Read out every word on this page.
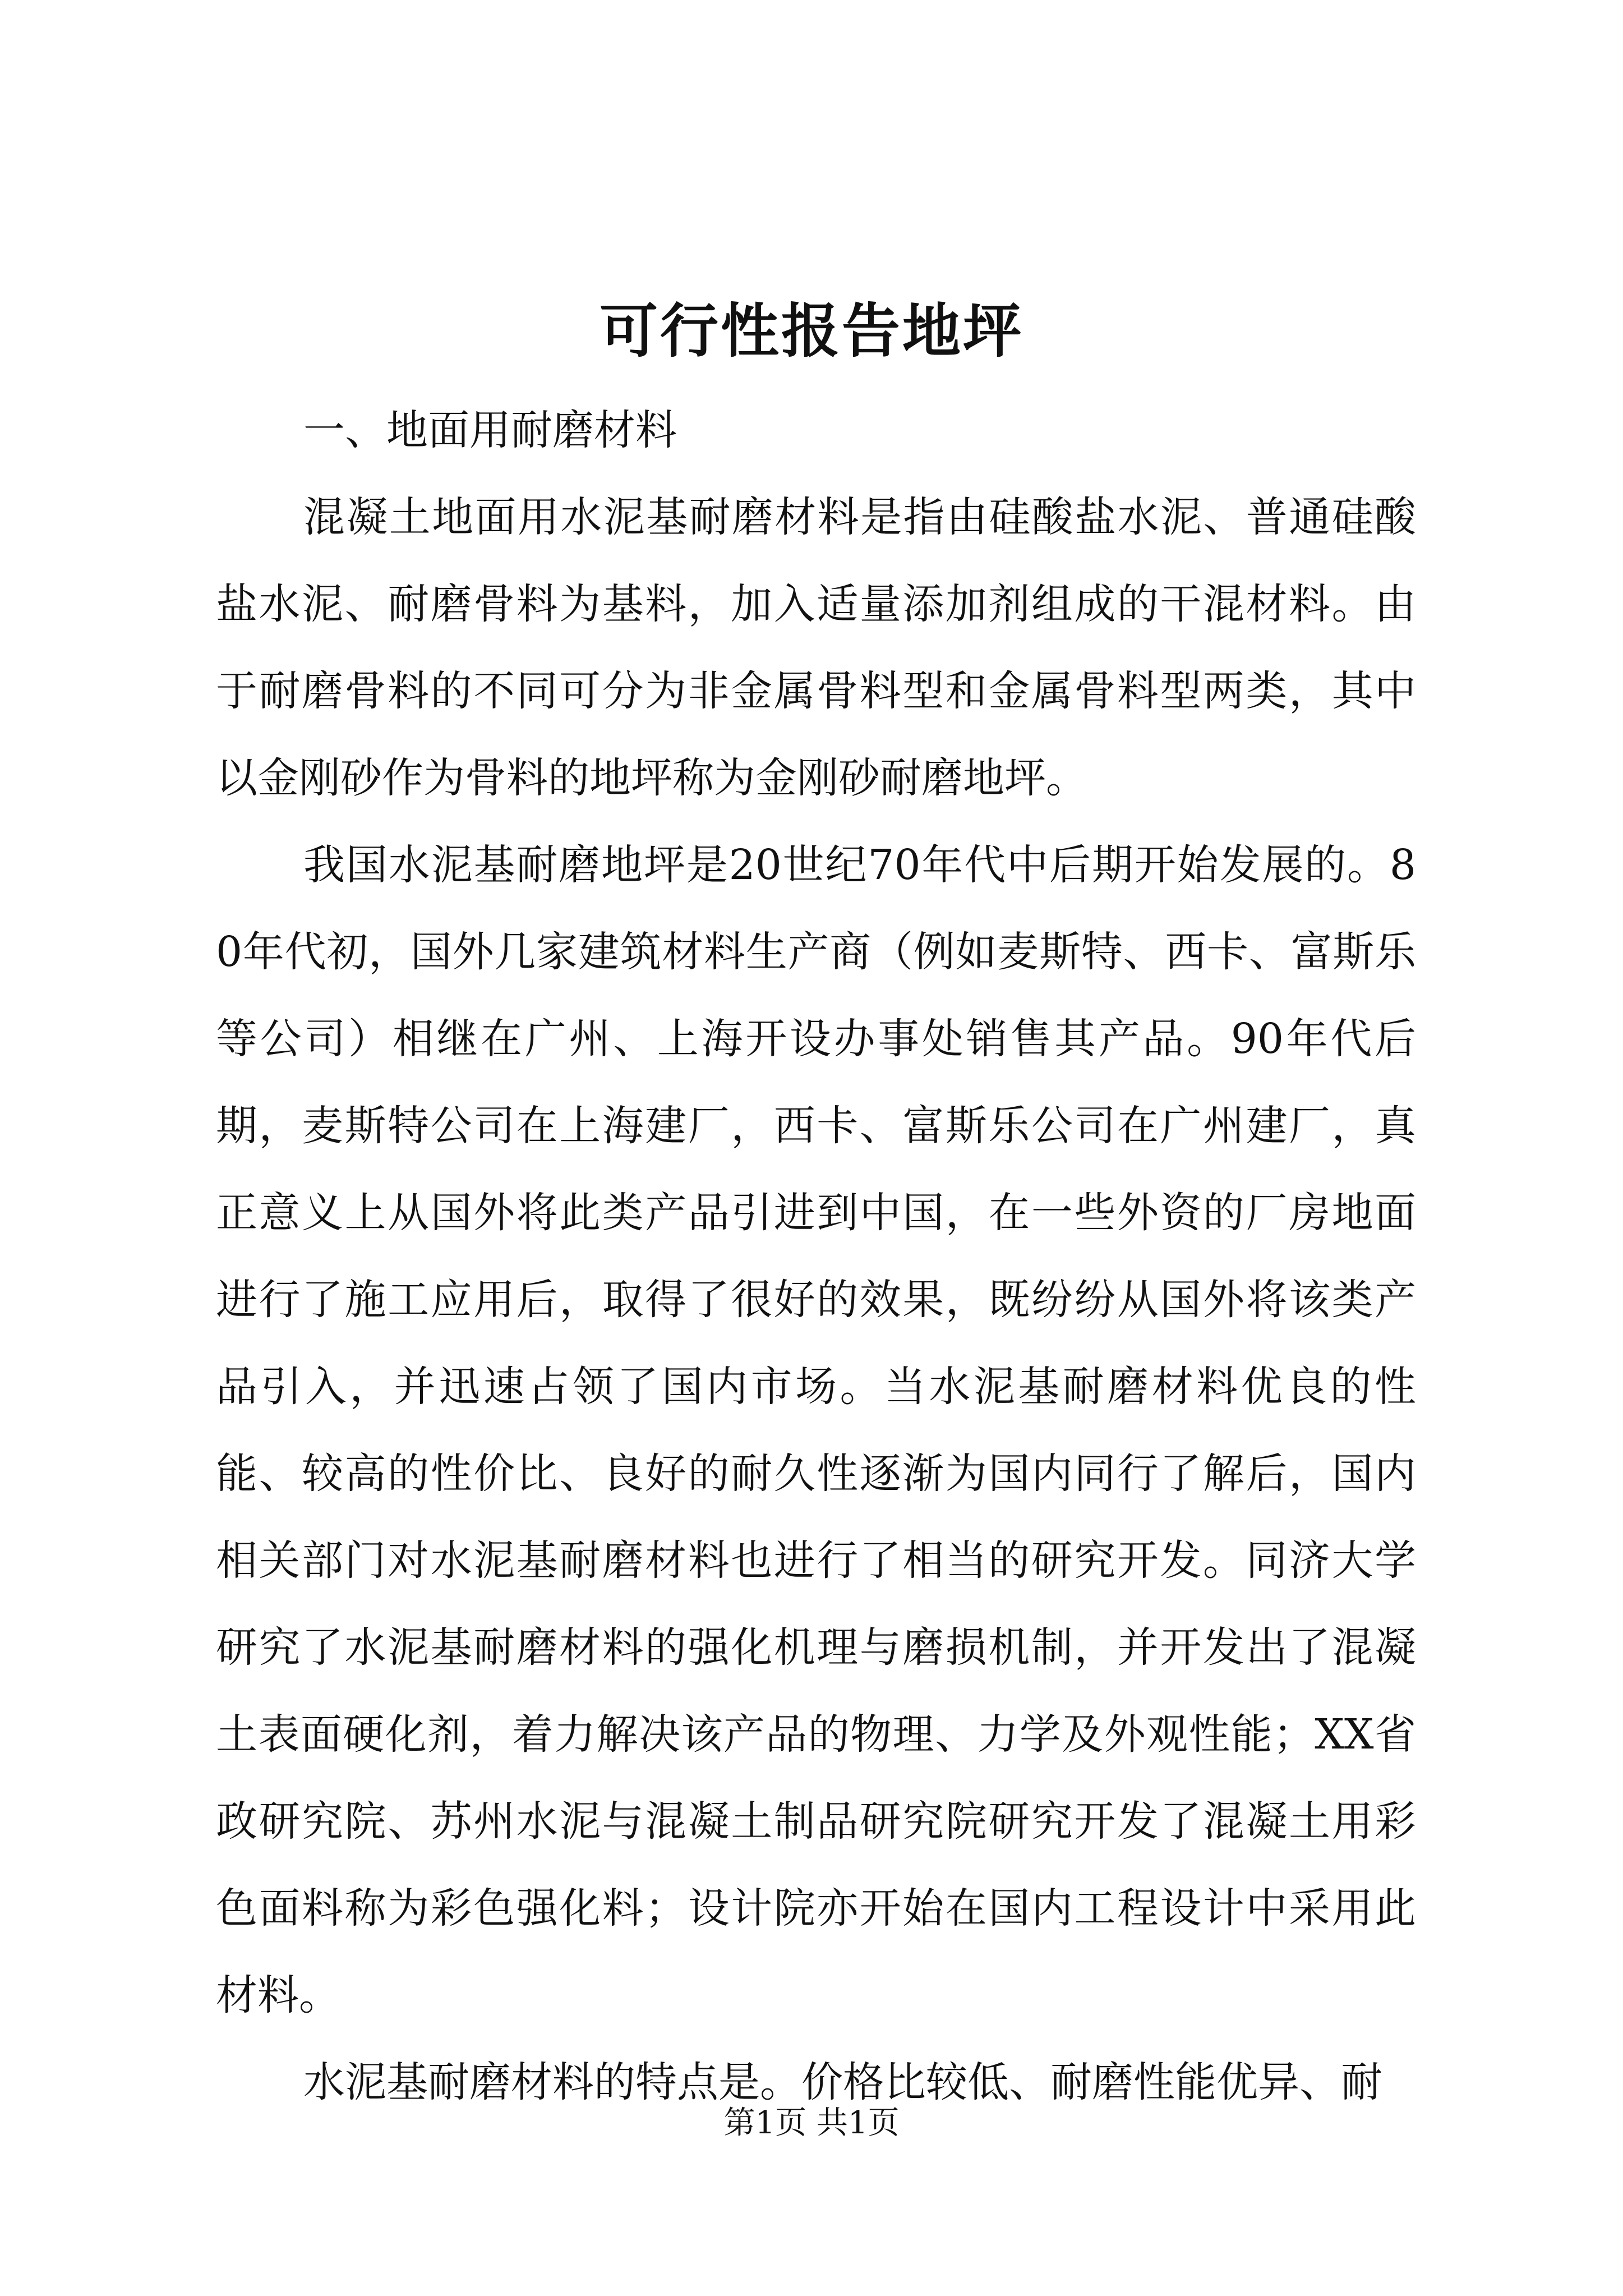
可行性报告地坪

一、地面用耐磨材料

混凝土地面用水泥基耐磨材料是指由硅酸盐水泥、普通硅酸盐水泥、耐磨骨料为基料，加入适量添加剂组成的干混材料。由于耐磨骨料的不同可分为非金属骨料型和金属骨料型两类，其中以金刚砂作为骨料的地坪称为金刚砂耐磨地坪。

我国水泥基耐磨地坪是20世纪70年代中后期开始发展的。80年代初，国外几家建筑材料生产商（例如麦斯特、西卡、富斯乐等公司）相继在广州、上海开设办事处销售其产品。90年代后期，麦斯特公司在上海建厂，西卡、富斯乐公司在广州建厂，真正意义上从国外将此类产品引进到中国，在一些外资的厂房地面进行了施工应用后，取得了很好的效果，既纷纷从国外将该类产品引入，并迅速占领了国内市场。当水泥基耐磨材料优良的性能、较高的性价比、良好的耐久性逐渐为国内同行了解后，国内相关部门对水泥基耐磨材料也进行了相当的研究开发。同济大学研究了水泥基耐磨材料的强化机理与磨损机制，并开发出了混凝土表面硬化剂，着力解决该产品的物理、力学及外观性能；XX省政研究院、苏州水泥与混凝土制品研究院研究开发了混凝土用彩色面料称为彩色强化料；设计院亦开始在国内工程设计中采用此材料。

水泥基耐磨材料的特点是。价格比较低、耐磨性能优异、耐

第1页 共1页
